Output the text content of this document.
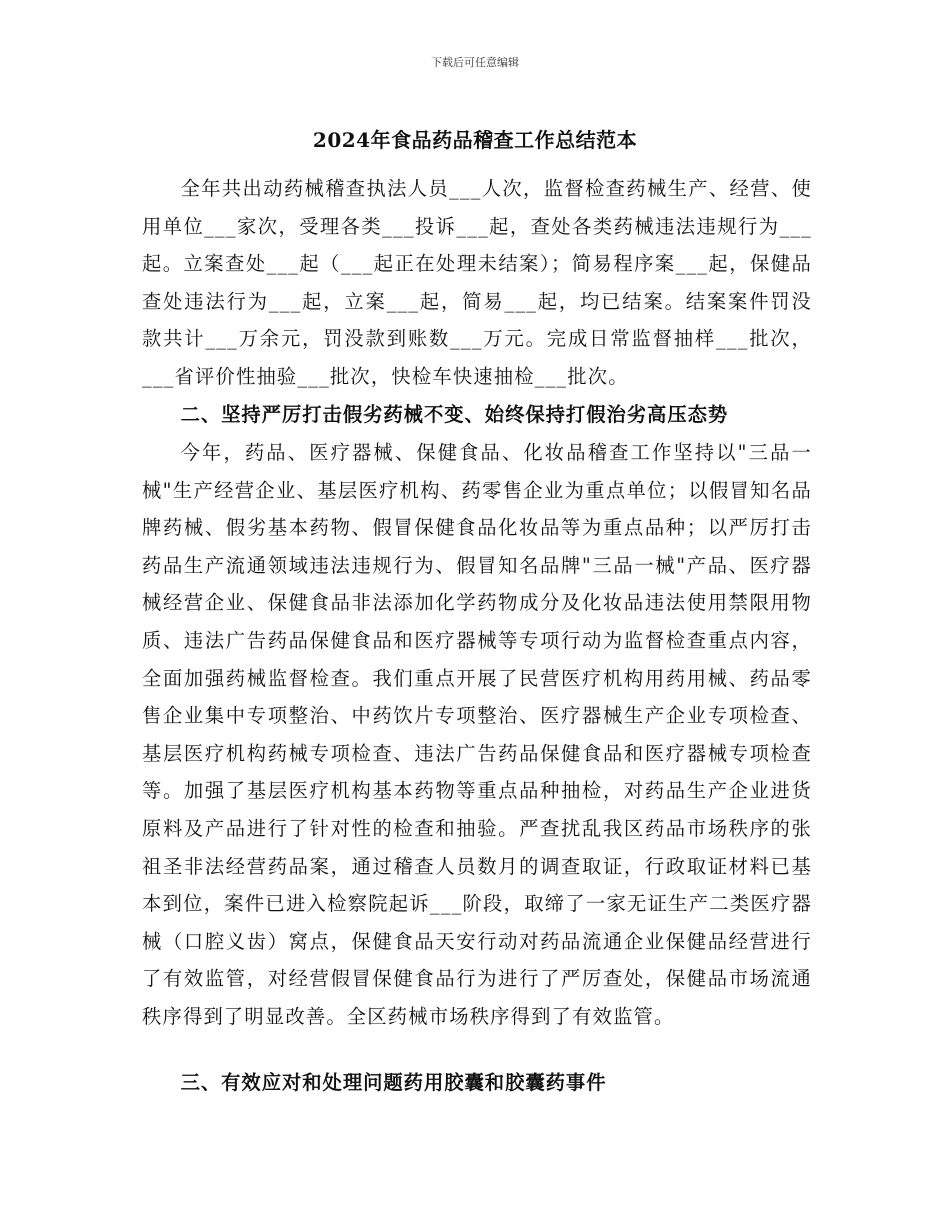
下载后可任意编辑
2024年食品药品稽查工作总结范本

全年共出动药械稽查执法人员___人次，监督检查药械生产、经营、使用单位___家次，受理各类___投诉___起，查处各类药械违法违规行为___起。立案查处___起（___起正在处理未结案）；简易程序案___起，保健品查处违法行为___起，立案___起，简易___起，均已结案。结案案件罚没款共计___万余元，罚没款到账数___万元。完成日常监督抽样___批次，___省评价性抽验___批次，快检车快速抽检___批次。

二、坚持严厉打击假劣药械不变、始终保持打假治劣高压态势

今年，药品、医疗器械、保健食品、化妆品稽查工作坚持以"三品一械"生产经营企业、基层医疗机构、药零售企业为重点单位；以假冒知名品牌药械、假劣基本药物、假冒保健食品化妆品等为重点品种；以严厉打击药品生产流通领域违法违规行为、假冒知名品牌"三品一械"产品、医疗器械经营企业、保健食品非法添加化学药物成分及化妆品违法使用禁限用物质、违法广告药品保健食品和医疗器械等专项行动为监督检查重点内容，全面加强药械监督检查。我们重点开展了民营医疗机构用药用械、药品零售企业集中专项整治、中药饮片专项整治、医疗器械生产企业专项检查、基层医疗机构药械专项检查、违法广告药品保健食品和医疗器械专项检查等。加强了基层医疗机构基本药物等重点品种抽检，对药品生产企业进货原料及产品进行了针对性的检查和抽验。严查扰乱我区药品市场秩序的张祖圣非法经营药品案，通过稽查人员数月的调查取证，行政取证材料已基本到位，案件已进入检察院起诉___阶段，取缔了一家无证生产二类医疗器械（口腔义齿）窝点，保健食品天安行动对药品流通企业保健品经营进行了有效监管，对经营假冒保健食品行为进行了严厉查处，保健品市场流通秩序得到了明显改善。全区药械市场秩序得到了有效监管。

三、有效应对和处理问题药用胶囊和胶囊药事件
